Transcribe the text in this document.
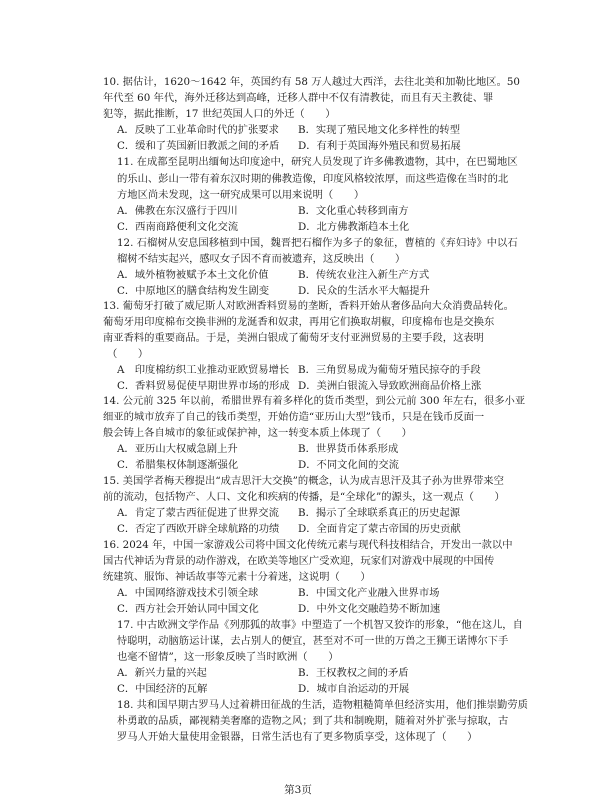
10. 据估计，1620～1642 年，英国约有 58 万人越过大西洋，去往北美和加勒比地区。50
年代至 60 年代，海外迁移达到高峰，迁移人群中不仅有清教徒，而且有天主教徒、罪
犯等，据此推断，17 世纪英国人口的外迁（　　）
A．反映了工业革命时代的扩张要求 B．实现了殖民地文化多样性的转型
C．缓和了英国新旧教派之间的矛盾 D．有利于英国海外殖民和贸易拓展
11. 在成都至昆明出缅甸达印度途中，研究人员发现了许多佛教遗物，其中，在巴蜀地区
的乐山、彭山一带有着东汉时期的佛教造像，印度风格较浓厚，而这些造像在当时的北
方地区尚未发现，这一研究成果可以用来说明（　　）
A．佛教在东汉盛行于四川	B．文化重心转移到南方
C．西南商路便利文化交流	D．北方佛教渐趋本土化
12. 石榴树从安息国移植到中国，魏晋把石榴作为多子的象征，曹植的《弃妇诗》中以石
榴树不结实起兴，感叹女子因不育而被遗弃，这反映出（　　）
A．域外植物被赋予本土文化价值	B．传统农业注入新生产方式
C．中原地区的膳食结构发生剧变	D．民众的生活水平大幅提升
13. 葡萄牙打破了威尼斯人对欧洲香料贸易的垄断，香料开始从奢侈品向大众消费品转化。
葡萄牙用印度棉布交换非洲的龙涎香和奴隶，再用它们换取胡椒，印度棉布也是交换东
南亚香料的重要商品。于是，美洲白银成了葡萄牙支付亚洲贸易的主要手段，这表明
（　　）
A　印度棉纺织工业推动亚欧贸易增长 B．三角贸易成为葡萄牙殖民掠夺的手段
C．香料贸易促使早期世界市场的形成 D．美洲白银流入导致欧洲商品价格上涨
14. 公元前 325 年以前，希腊世界有着多样化的货币类型，到公元前 300 年左右，很多小亚
细亚的城市放弃了自己的钱币类型，开始仿造“亚历山大型”钱币，只是在钱币反面一
般会铸上各自城市的象征或保护神，这一转变本质上体现了（　　）
A．亚历山大权威急剧上升	B．世界货币体系形成
C．希腊集权体制逐渐强化	D．不同文化间的交流
15. 美国学者梅天穆提出“成吉思汗大交换”的概念，认为成吉思汗及其子孙为世界带来空
前的流动，包括物产、人口、文化和疾病的传播，是“全球化”的源头，这一观点（　　）
A．肯定了蒙古西征促进了世界交流 B．揭示了全球联系真正的历史起源
C．否定了西欧开辟全球航路的功绩 D．全面肯定了蒙古帝国的历史贡献
16. 2024 年，中国一家游戏公司将中国文化传统元素与现代科技相结合，开发出一款以中
国古代神话为背景的动作游戏，在欧美等地区广受欢迎，玩家们对游戏中展现的中国传
统建筑、服饰、神话故事等元素十分着迷，这说明（　　）
A．中国网络游戏技术引领全球	B．中国文化产业融入世界市场
C．西方社会开始认同中国文化	D．中外文化交融趋势不断加速
17. 中古欧洲文学作品《列那狐的故事》中塑造了一个机智又狡诈的形象，“他在这儿，自
恃聪明，动脑筋运计谋，去占别人的便宜，甚至对不可一世的万兽之王狮王诺博尔下手
也毫不留情”，这一形象反映了当时欧洲（　　）
A．新兴力量的兴起	B．王权教权之间的矛盾
C．中国经济的瓦解	D．城市自治运动的开展
18. 共和国早期古罗马人过着耕田征战的生活，造物粗糙简单但经济实用，他们推崇勤劳质
朴勇敢的品质，鄙视精美奢靡的造物之风；到了共和制晚期，随着对外扩张与掠取，古
罗马人开始大量使用金银器，日常生活也有了更多物质享受，这体现了（　　）
第3页
